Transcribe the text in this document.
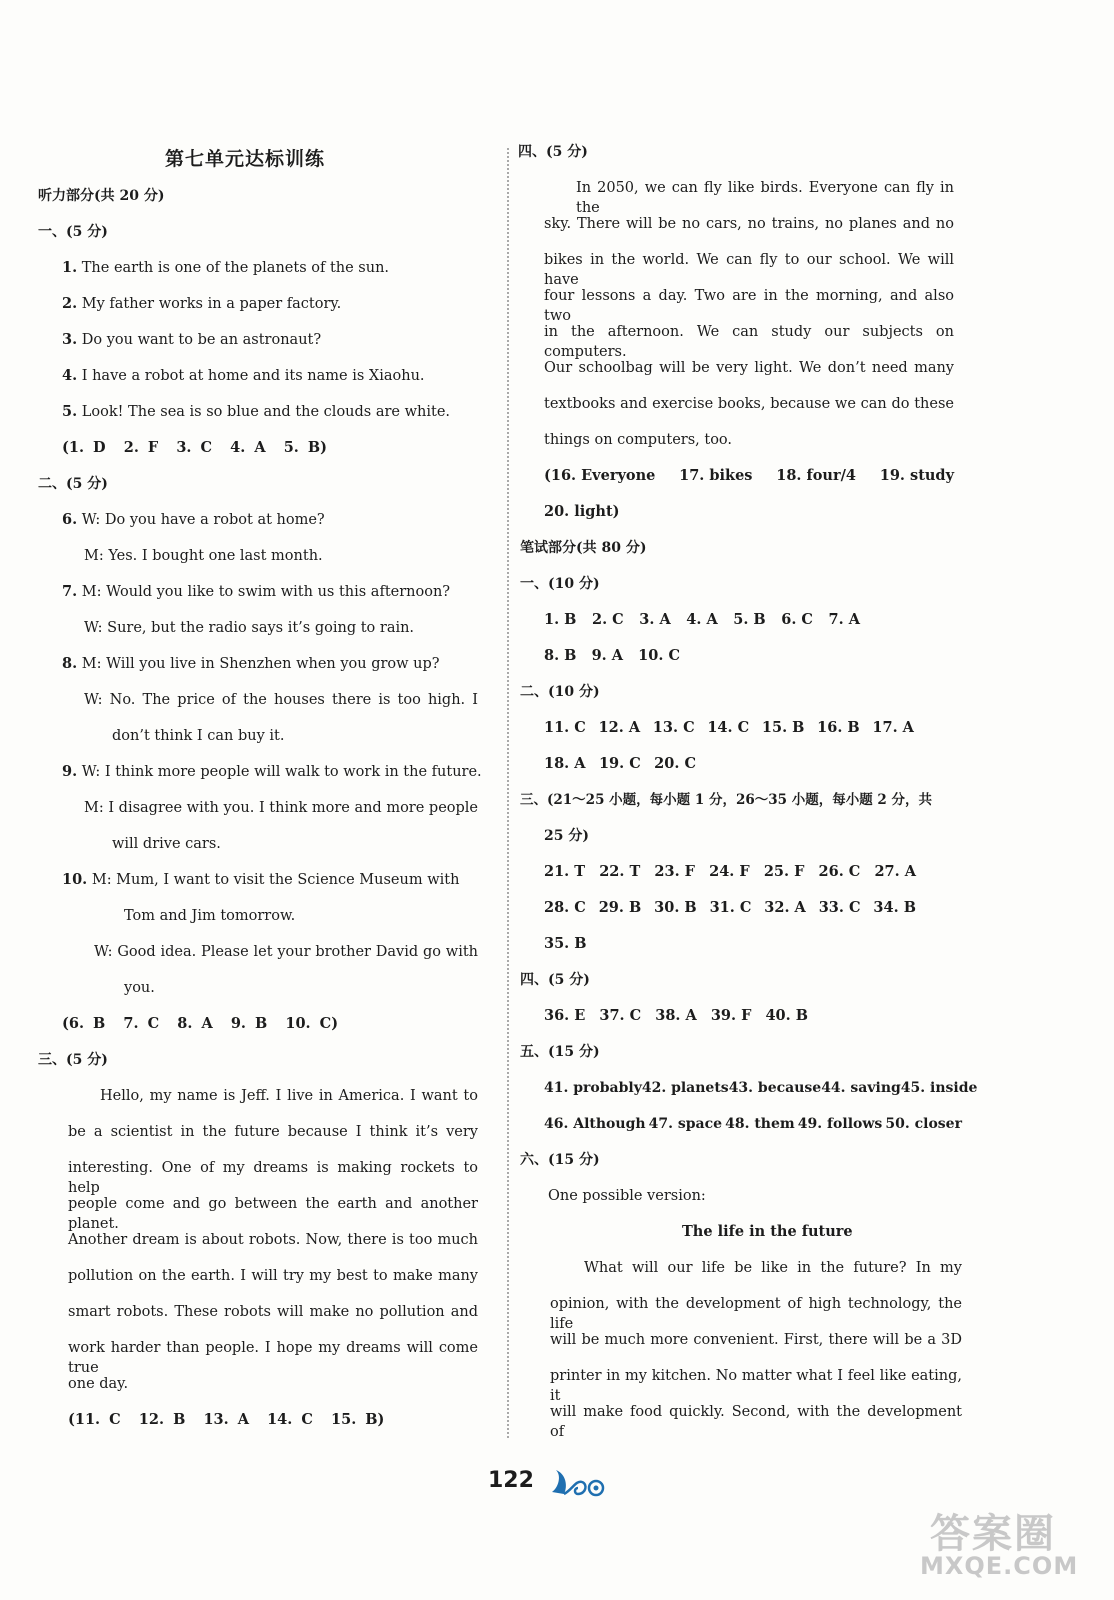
第七单元达标训练
听力部分(共 20 分)
一、(5 分)
1. The earth is one of the planets of the sun.
2. My father works in a paper factory.
3. Do you want to be an astronaut?
4. I have a robot at home and its name is Xiaohu.
5. Look! The sea is so blue and the clouds are white.
(1. D 2. F 3. C 4. A 5. B)
二、(5 分)
6. W: Do you have a robot at home?
M: Yes. I bought one last month.
7. M: Would you like to swim with us this afternoon?
W: Sure, but the radio says it’s going to rain.
8. M: Will you live in Shenzhen when you grow up?
W: No. The price of the houses there is too high. I
don’t think I can buy it.
9. W: I think more people will walk to work in the future.
M: I disagree with you. I think more and more people
will drive cars.
10. M: Mum, I want to visit the Science Museum with
Tom and Jim tomorrow.
W: Good idea. Please let your brother David go with
you.
(6. B 7. C 8. A 9. B 10. C)
三、(5 分)
Hello, my name is Jeff. I live in America. I want to
be a scientist in the future because I think it’s very
interesting. One of my dreams is making rockets to help
people come and go between the earth and another planet.
Another dream is about robots. Now, there is too much
pollution on the earth. I will try my best to make many
smart robots. These robots will make no pollution and
work harder than people. I hope my dreams will come true
one day.
(11. C 12. B 13. A 14. C 15. B)
四、(5 分)
In 2050, we can fly like birds. Everyone can fly in the
sky. There will be no cars, no trains, no planes and no
bikes in the world. We can fly to our school. We will have
four lessons a day. Two are in the morning, and also two
in the afternoon. We can study our subjects on computers.
Our schoolbag will be very light. We don’t need many
textbooks and exercise books, because we can do these
things on computers, too.
(16. Everyone 17. bikes 18. four/4 19. study
20. light)
笔试部分(共 80 分)
一、(10 分)
1. B 2. C 3. A 4. A 5. B 6. C 7. A
8. B 9. A 10. C
二、(10 分)
11. C 12. A 13. C 14. C 15. B 16. B 17. A
18. A 19. C 20. C
三、(21～25 小题，每小题 1 分，26～35 小题，每小题 2 分，共
25 分)
21. T 22. T 23. F 24. F 25. F 26. C 27. A
28. C 29. B 30. B 31. C 32. A 33. C 34. B
35. B
四、(5 分)
36. E 37. C 38. A 39. F 40. B
五、(15 分)
41. probably 42. planets 43. because 44. saving 45. inside
46. Although 47. space 48. them 49. follows 50. closer
六、(15 分)
One possible version:
The life in the future
What will our life be like in the future? In my
opinion, with the development of high technology, the life
will be much more convenient. First, there will be a 3D
printer in my kitchen. No matter what I feel like eating, it
will make food quickly. Second, with the development of
122
答案圈
MXQE.COM
